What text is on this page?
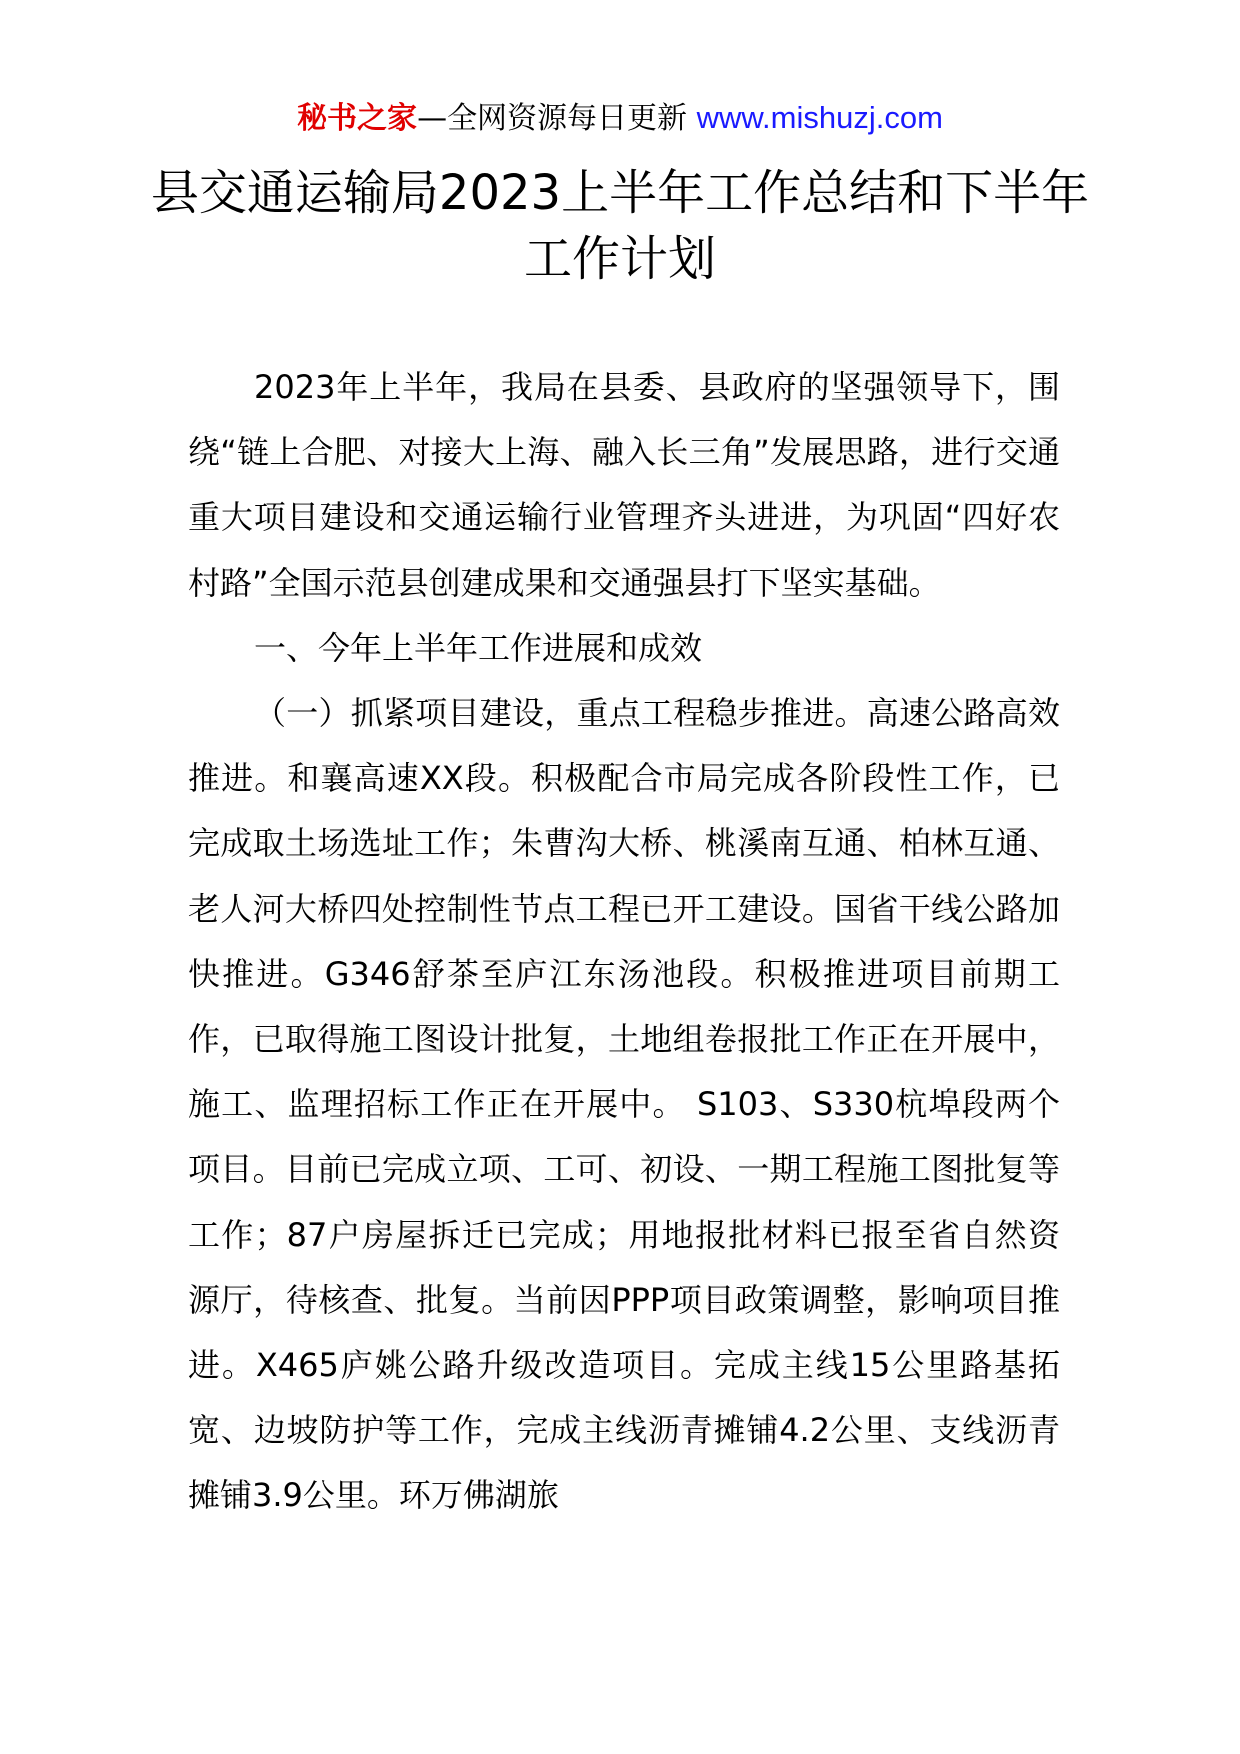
秘书之家—全网资源每日更新 www.mishuzj.com
县交通运输局2023上半年工作总结和下半年工作计划

2023年上半年，我局在县委、县政府的坚强领导下，围绕“链上合肥、对接大上海、融入长三角”发展思路，进行交通重大项目建设和交通运输行业管理齐头进进，为巩固“四好农村路”全国示范县创建成果和交通强县打下坚实基础。

一、今年上半年工作进展和成效

（一）抓紧项目建设，重点工程稳步推进。高速公路高效推进。和襄高速XX段。积极配合市局完成各阶段性工作，已完成取土场选址工作；朱曹沟大桥、桃溪南互通、柏林互通、老人河大桥四处控制性节点工程已开工建设。国省干线公路加快推进。G346舒茶至庐江东汤池段。积极推进项目前期工作，已取得施工图设计批复，土地组卷报批工作正在开展中，施工、监理招标工作正在开展中。 S103、S330杭埠段两个项目。目前已完成立项、工可、初设、一期工程施工图批复等工作；87户房屋拆迁已完成；用地报批材料已报至省自然资源厅，待核查、批复。当前因PPP项目政策调整，影响项目推进。X465庐姚公路升级改造项目。完成主线15公里路基拓宽、边坡防护等工作，完成主线沥青摊铺4.2公里、支线沥青摊铺3.9公里。环万佛湖旅
